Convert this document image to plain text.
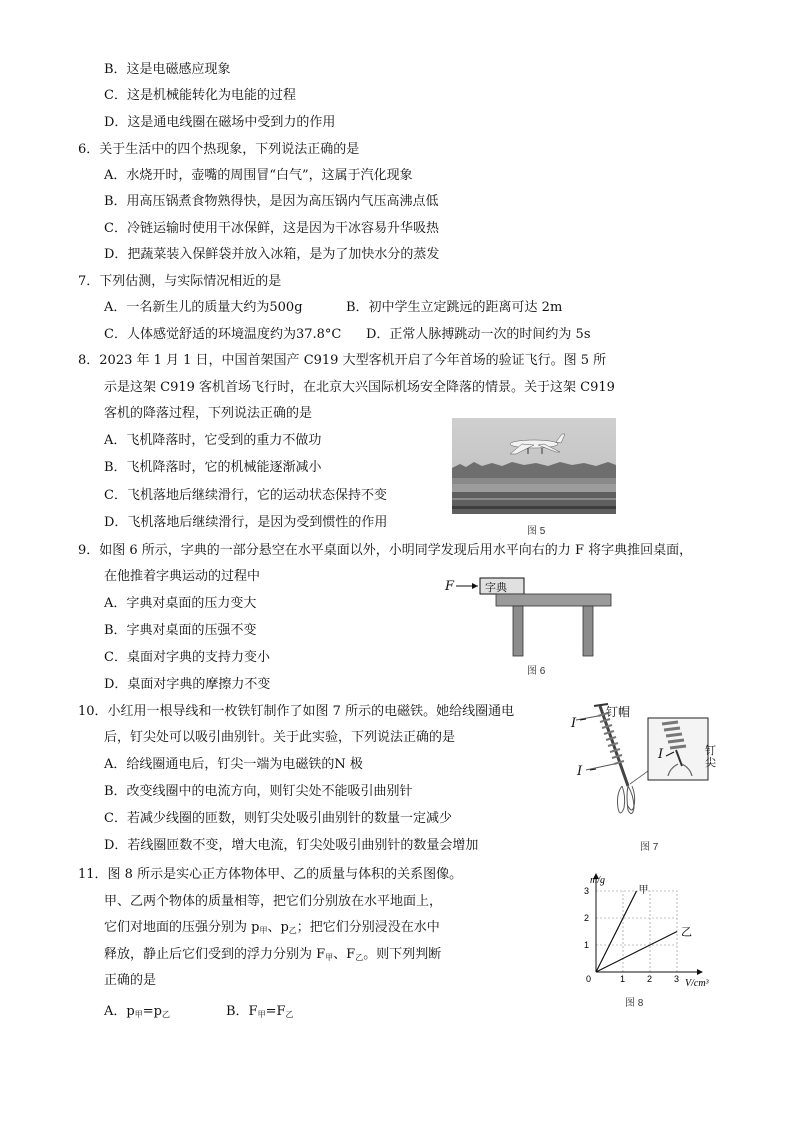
B．这是电磁感应现象
C．这是机械能转化为电能的过程
D．这是通电线圈在磁场中受到力的作用
6．关于生活中的四个热现象，下列说法正确的是
A．水烧开时，壶嘴的周围冒“白气”，这属于汽化现象
B．用高压锅煮食物熟得快，是因为高压锅内气压高沸点低
C．冷链运输时使用干冰保鲜，这是因为干冰容易升华吸热
D．把蔬菜装入保鲜袋并放入冰箱，是为了加快水分的蒸发
7．下列估测，与实际情况相近的是
A．一名新生儿的质量大约为500g	B．初中学生立定跳远的距离可达 2m
C．人体感觉舒适的环境温度约为37.8°C D．正常人脉搏跳动一次的时间约为 5s
8．2023 年 1 月 1 日，中国首架国产 C919 大型客机开启了今年首场的验证飞行。图 5 所
示是这架 C919 客机首场飞行时，在北京大兴国际机场安全降落的情景。关于这架 C919
客机的降落过程，下列说法正确的是
A．飞机降落时，它受到的重力不做功
B．飞机降落时，它的机械能逐渐减小
C．飞机落地后继续滑行，它的运动状态保持不变
D．飞机落地后继续滑行，是因为受到惯性的作用
图 5
9．如图 6 所示，字典的一部分悬空在水平桌面以外，小明同学发现后用水平向右的力 F 将字典推回桌面，
在他推着字典运动的过程中
A．字典对桌面的压力变大
B．字典对桌面的压强不变
C．桌面对字典的支持力变小
D．桌面对字典的摩擦力不变
F	字典
图 6
10．小红用一根导线和一枚铁钉制作了如图 7 所示的电磁铁。她给线圈通电
后，钉尖处可以吸引曲别针。关于此实验，下列说法正确的是
A．给线圈通电后，钉尖一端为电磁铁的N 极
B．改变线圈中的电流方向，则钉尖处不能吸引曲别针
C．若减少线圈的匝数，则钉尖处吸引曲别针的数量一定减少
D．若线圈匝数不变，增大电流，钉尖处吸引曲别针的数量会增加
钉帽
钉尖
I
I
I
图 7
11．图 8 所示是实心正方体物体甲、乙的质量与体积的关系图像。
甲、乙两个物体的质量相等，把它们分别放在水平地面上，
它们对地面的压强分别为 $p_甲$、$p_乙$；把它们分别浸没在水中
释放，静止后它们受到的浮力分别为 $F_甲$、$F_乙$。则下列判断
正确的是
A．$p_甲=p_乙$	B．$F_甲=F_乙$
0	1 2 3
1
2
3
m/g
V/cm³
甲
乙
图 8
